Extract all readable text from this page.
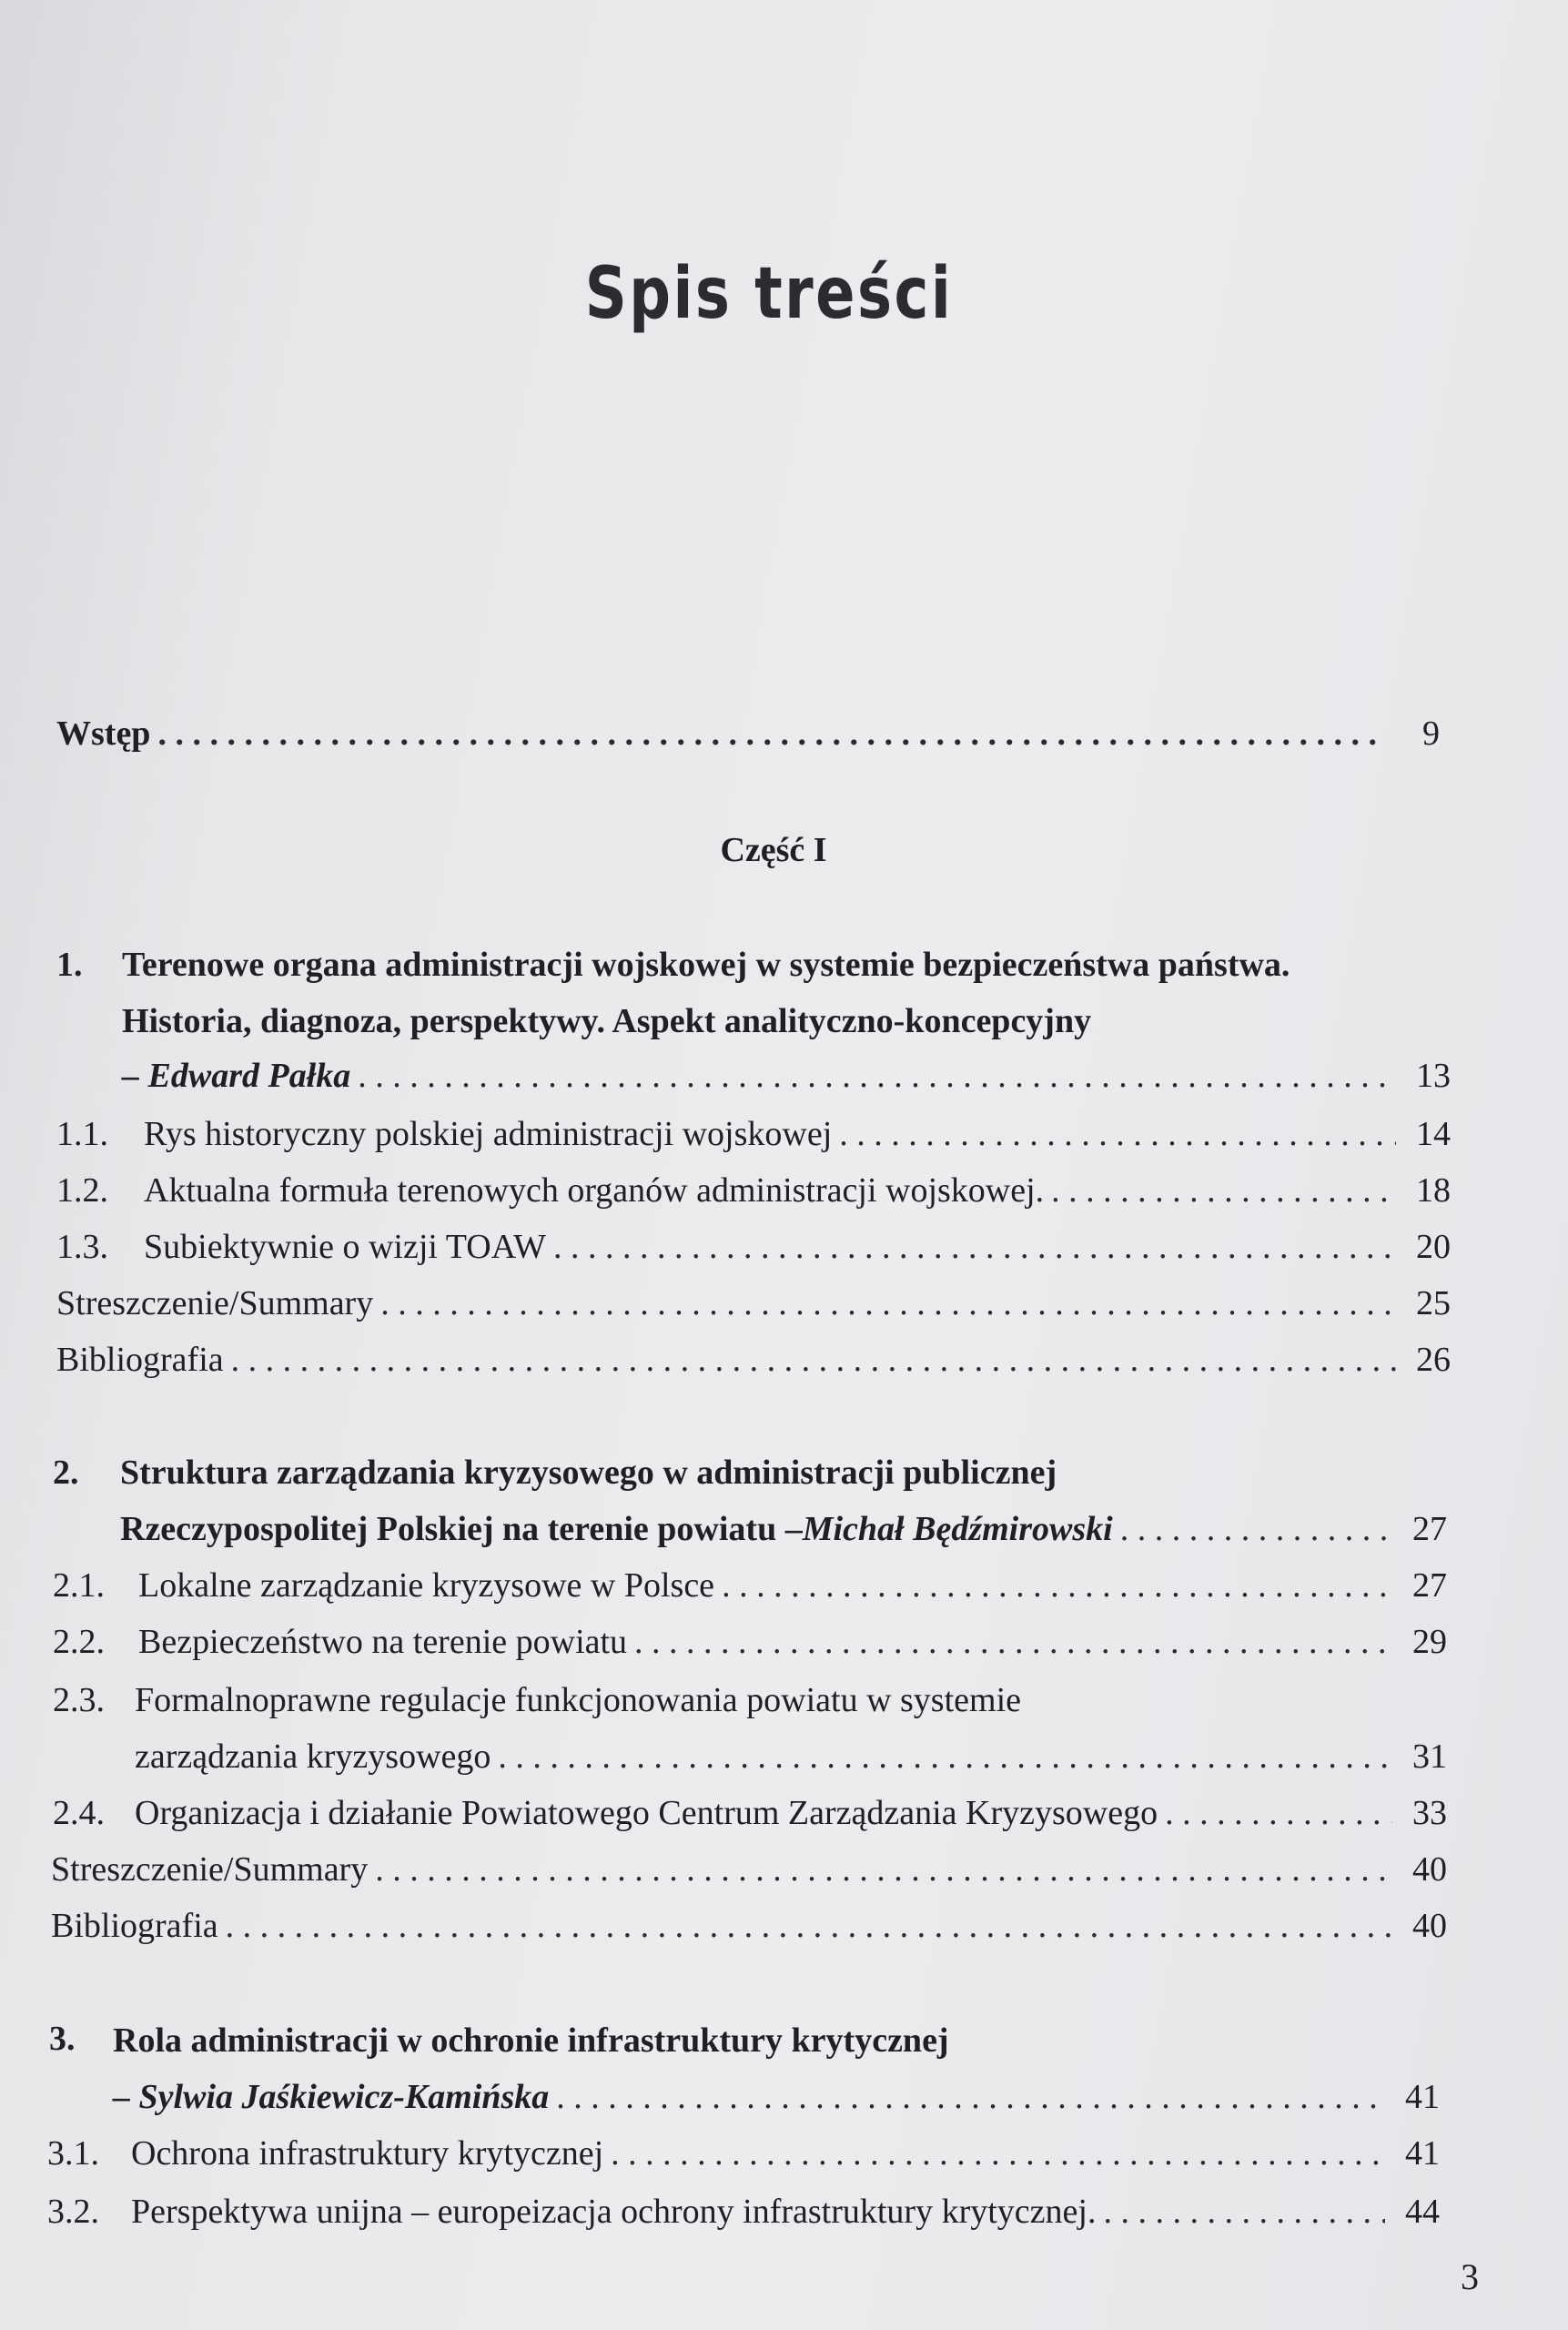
Spis treści
Wstęp . . .	9
Część I
1. Terenowe organa administracji wojskowej w systemie bezpieczeństwa państwa.
Historia, diagnoza, perspektywy. Aspekt analityczno-koncepcyjny
– Edward Pałka . . .	13
1.1.	Rys historyczny polskiej administracji wojskowej . . .	14
1.2.	Aktualna formuła terenowych organów administracji wojskowej. . . .	18
1.3.	Subiektywnie o wizji TOAW . . .	20
Streszczenie/Summary . . .	25
Bibliografia . . .	26
2. Struktura zarządzania kryzysowego w administracji publicznej
Rzeczypospolitej Polskiej na terenie powiatu – Michał Będźmirowski . . .	27
2.1. Lokalne zarządzanie kryzysowe w Polsce . . .	27
2.2. Bezpieczeństwo na terenie powiatu . . .	29
2.3. Formalnoprawne regulacje funkcjonowania powiatu w systemie
zarządzania kryzysowego . . .	31
2.4. Organizacja i działanie Powiatowego Centrum Zarządzania Kryzysowego . . .	33
Streszczenie/Summary . . .	40
Bibliografia . . .	40
3. Rola administracji w ochronie infrastruktury krytycznej
– Sylwia Jaśkiewicz-Kamińska . . .	41
3.1. Ochrona infrastruktury krytycznej . . .	41
3.2. Perspektywa unijna – europeizacja ochrony infrastruktury krytycznej. . . .	44
3
